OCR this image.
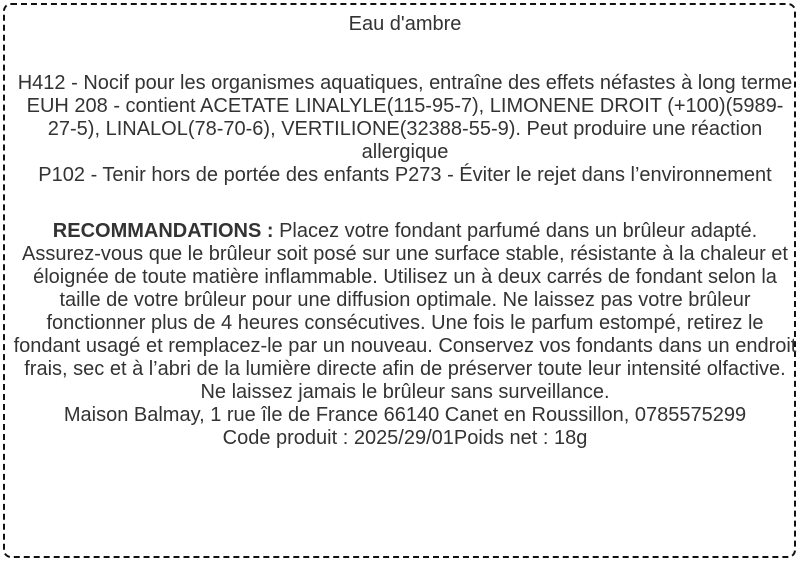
Eau d'ambre
H412 - Nocif pour les organismes aquatiques, entraîne des effets néfastes à long terme
EUH 208 - contient ACETATE LINALYLE(115-95-7), LIMONENE DROIT (+100)(5989-27-5), LINALOL(78-70-6), VERTILIONE(32388-55-9). Peut produire une réaction allergique
P102 - Tenir hors de portée des enfants P273 - Éviter le rejet dans l’environnement
RECOMMANDATIONS : Placez votre fondant parfumé dans un brûleur adapté. Assurez-vous que le brûleur soit posé sur une surface stable, résistante à la chaleur et éloignée de toute matière inflammable. Utilisez un à deux carrés de fondant selon la taille de votre brûleur pour une diffusion optimale. Ne laissez pas votre brûleur fonctionner plus de 4 heures consécutives. Une fois le parfum estompé, retirez le fondant usagé et remplacez-le par un nouveau. Conservez vos fondants dans un endroit frais, sec et à l’abri de la lumière directe afin de préserver toute leur intensité olfactive. Ne laissez jamais le brûleur sans surveillance.
Maison Balmay, 1 rue île de France 66140 Canet en Roussillon, 0785575299
Code produit : 2025/29/01Poids net : 18g
